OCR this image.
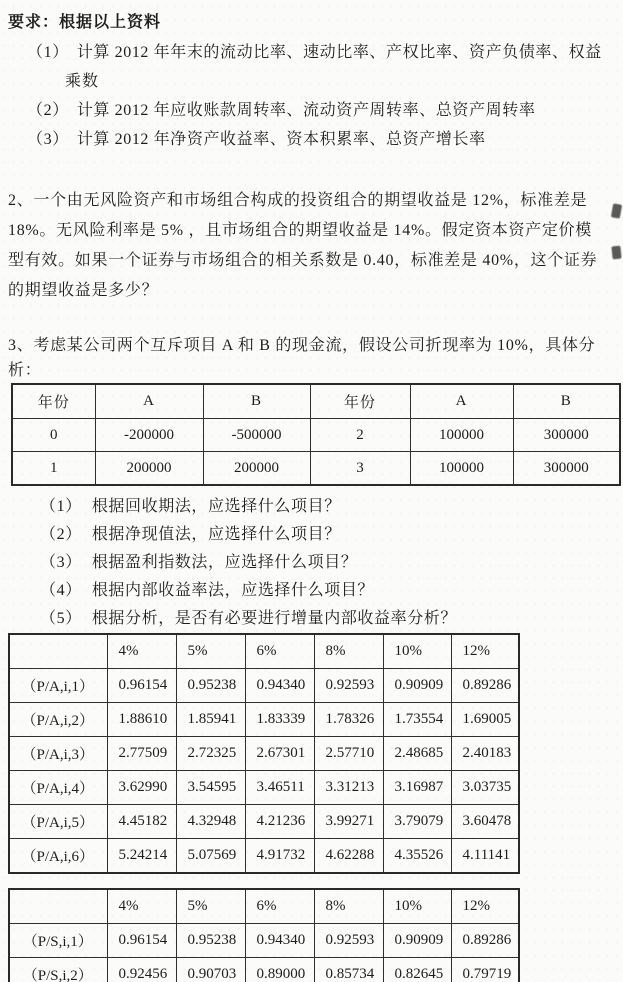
要求：根据以上资料
（1） 计算 2012 年年末的流动比率、速动比率、产权比率、资产负债率、权益
乘数
（2） 计算 2012 年应收账款周转率、流动资产周转率、总资产周转率
（3） 计算 2012 年净资产收益率、资本积累率、总资产增长率
2、一个由无风险资产和市场组合构成的投资组合的期望收益是 12%，标准差是
18%。无风险利率是 5% ，且市场组合的期望收益是 14%。假定资本资产定价模
型有效。如果一个证券与市场组合的相关系数是 0.40，标准差是 40%，这个证券
的期望收益是多少？
3、考虑某公司两个互斥项目 A 和 B 的现金流，假设公司折现率为 10%，具体分
析：
年份	A	B	年份	A	B
0	-200000	-500000	2	100000	300000
1	200000	200000	3	100000	300000
（1） 根据回收期法，应选择什么项目？
（2） 根据净现值法，应选择什么项目？
（3） 根据盈利指数法，应选择什么项目？
（4） 根据内部收益率法，应选择什么项目？
（5） 根据分析，是否有必要进行增量内部收益率分析？
	4%	5%	6%	8%	10%	12%
（P/A,i,1）	0.96154	0.95238	0.94340	0.92593	0.90909	0.89286
（P/A,i,2）	1.88610	1.85941	1.83339	1.78326	1.73554	1.69005
（P/A,i,3）	2.77509	2.72325	2.67301	2.57710	2.48685	2.40183
（P/A,i,4）	3.62990	3.54595	3.46511	3.31213	3.16987	3.03735
（P/A,i,5）	4.45182	4.32948	4.21236	3.99271	3.79079	3.60478
（P/A,i,6）	5.24214	5.07569	4.91732	4.62288	4.35526	4.11141
	4%	5%	6%	8%	10%	12%
（P/S,i,1）	0.96154	0.95238	0.94340	0.92593	0.90909	0.89286
（P/S,i,2）	0.92456	0.90703	0.89000	0.85734	0.82645	0.79719
